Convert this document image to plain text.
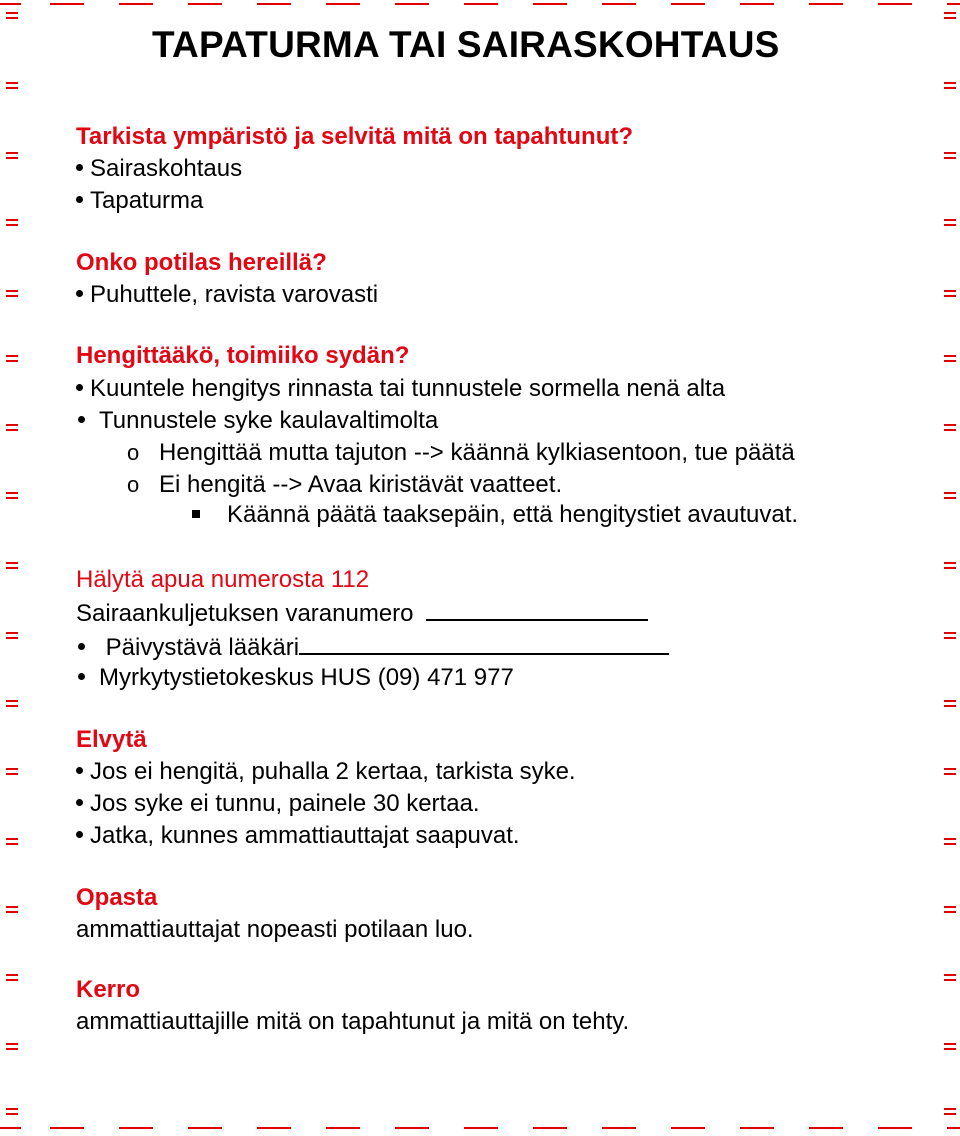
TAPATURMA TAI SAIRASKOHTAUS
Tarkista ympäristö ja selvitä mitä on tapahtunut?
Sairaskohtaus
Tapaturma
Onko potilas hereillä?
Puhuttele, ravista varovasti
Hengittääkö, toimiiko sydän?
Kuuntele hengitys rinnasta tai tunnustele sormella nenä alta
Tunnustele syke kaulavaltimolta
o Hengittää mutta tajuton --> käännä kylkiasentoon, tue päätä
o Ei hengitä --> Avaa kiristävät vaatteet.
Käännä päätä taaksepäin, että hengitystiet avautuvat.
Hälytä apua numerosta 112
Sairaankuljetuksen varanumero
Päivystävä lääkäri
Myrkytystietokeskus HUS (09) 471 977
Elvytä
Jos ei hengitä, puhalla 2 kertaa, tarkista syke.
Jos syke ei tunnu, painele 30 kertaa.
Jatka, kunnes ammattiauttajat saapuvat.
Opasta
ammattiauttajat nopeasti potilaan luo.
Kerro
ammattiauttajille mitä on tapahtunut ja mitä on tehty.
